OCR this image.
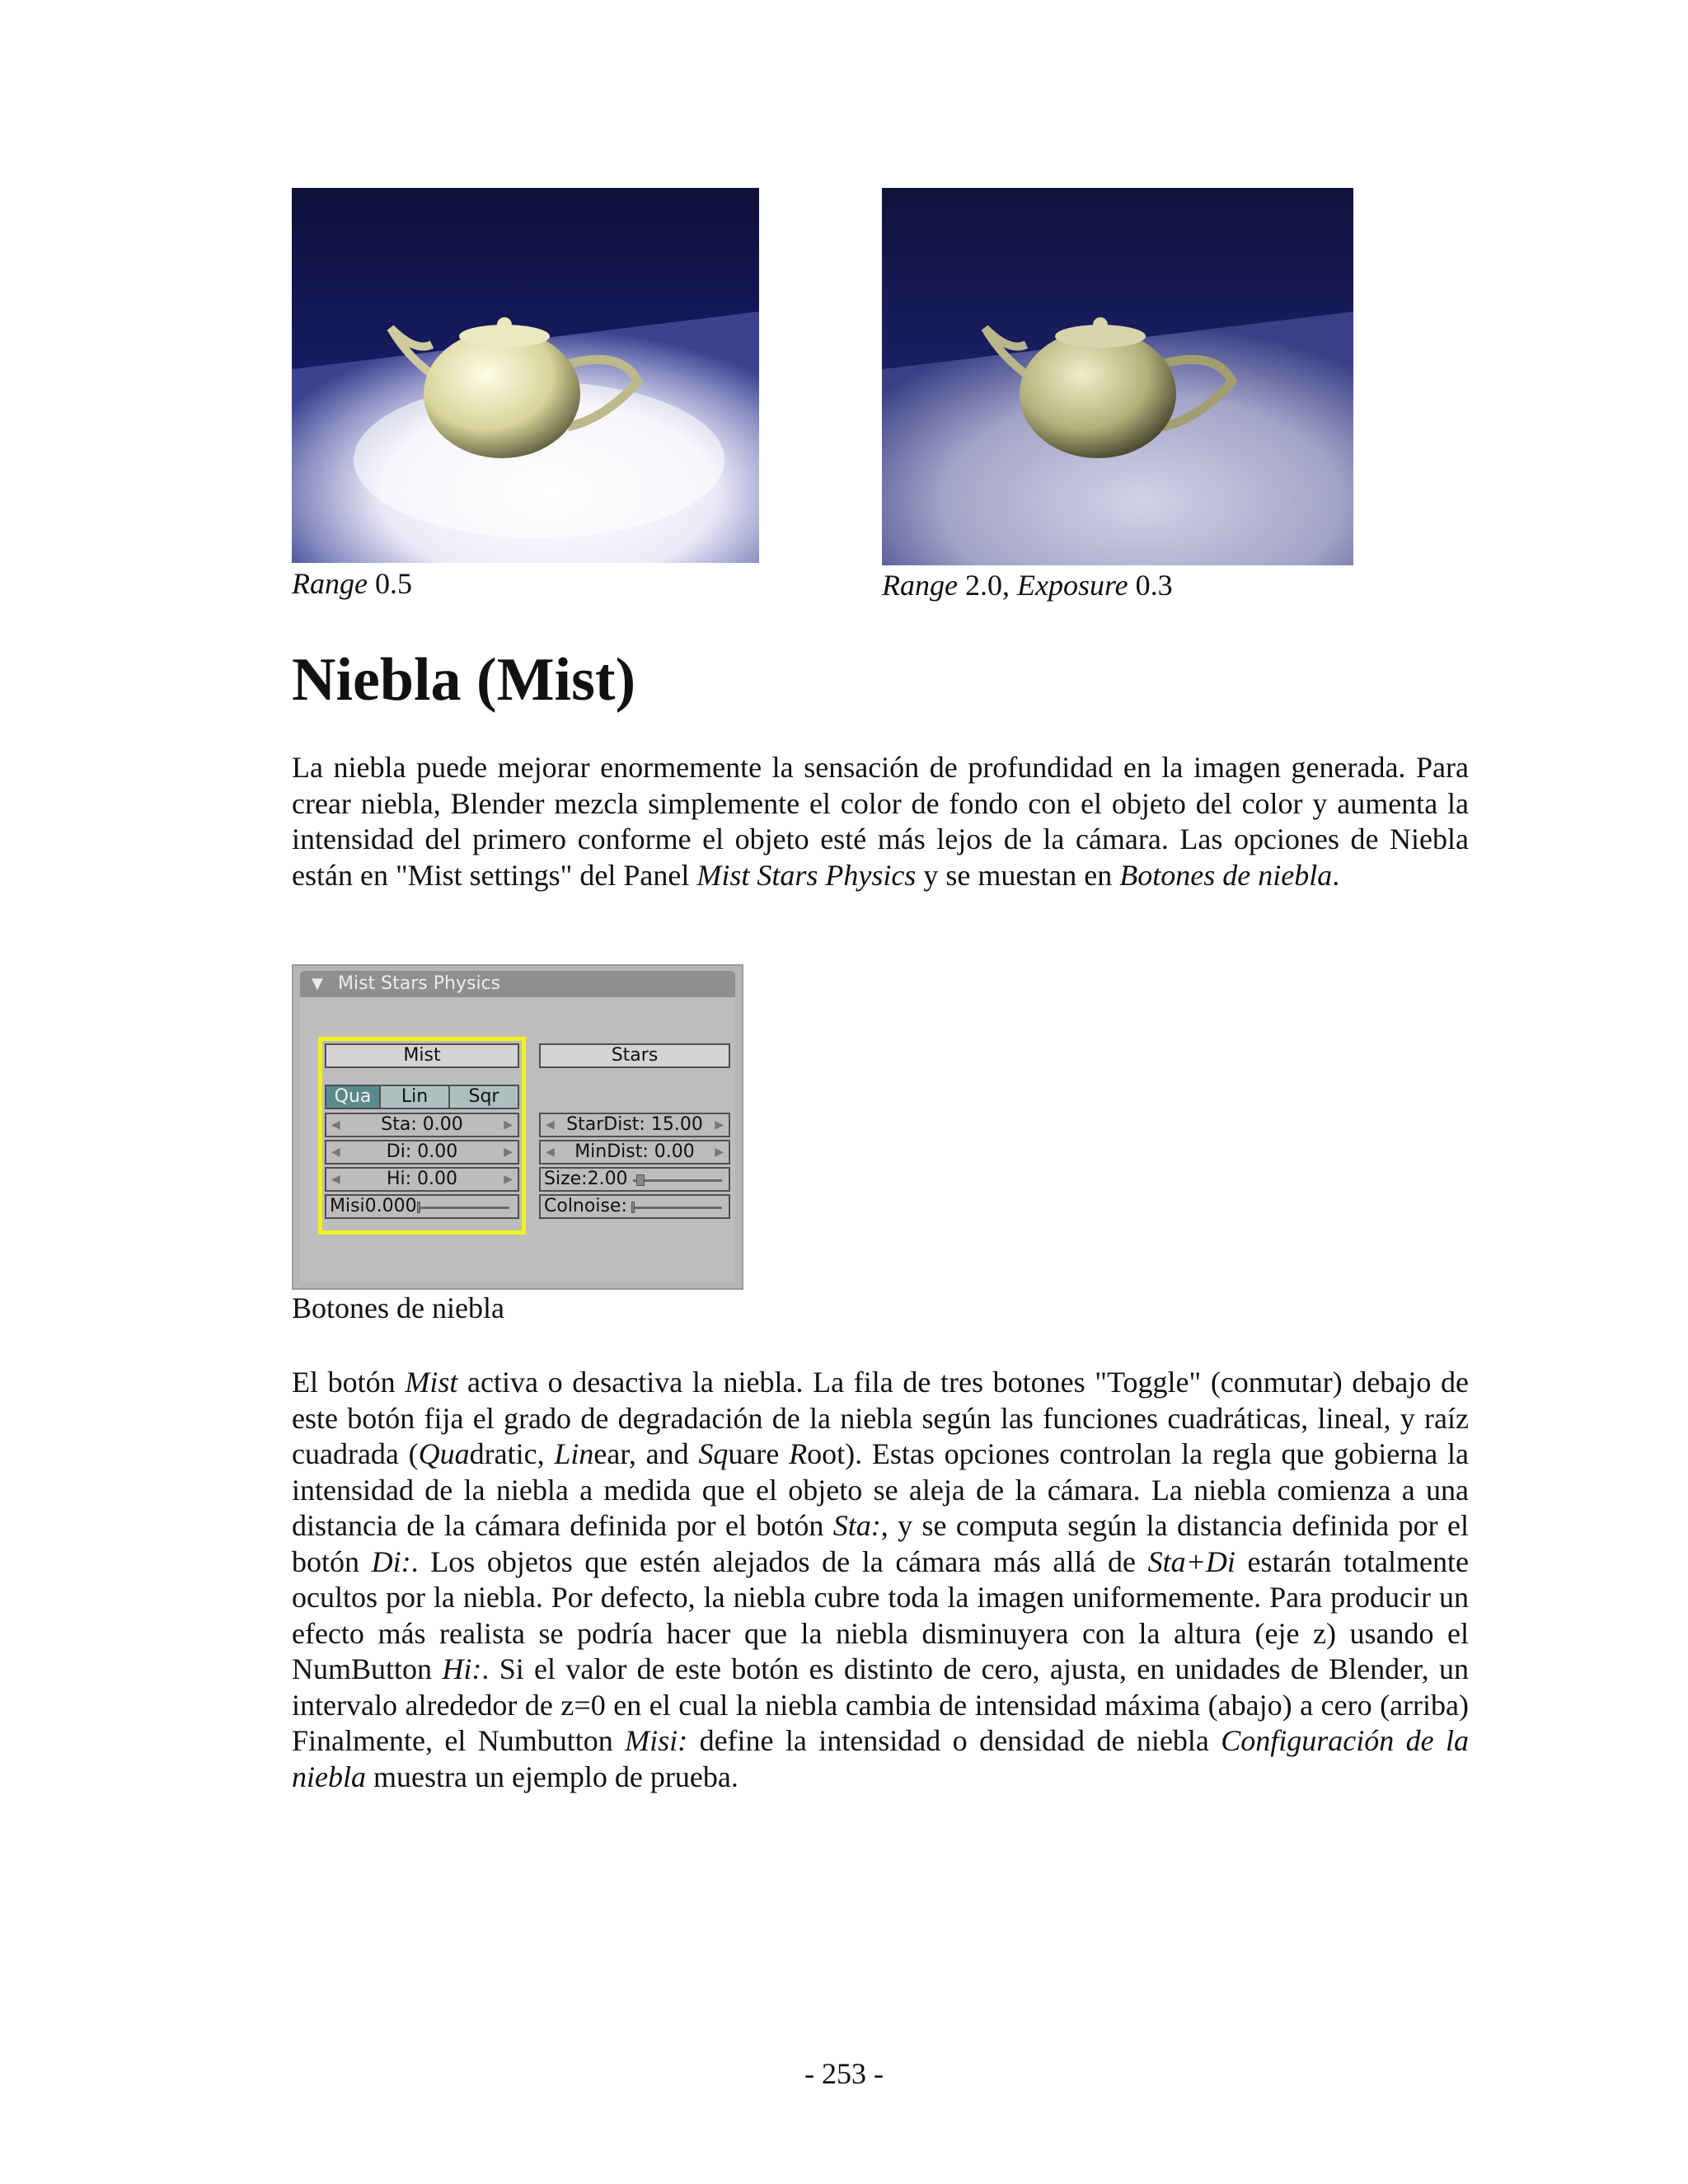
Range 0.5	Range 2.0, Exposure 0.3
Niebla (Mist)

La niebla puede mejorar enormemente la sensación de profundidad en la imagen generada. Para crear niebla, Blender mezcla simplemente el color de fondo con el objeto del color y aumenta la intensidad del primero conforme el objeto esté más lejos de la cámara. Las opciones de Niebla están en "Mist settings" del Panel Mist Stars Physics y se muestan en Botones de niebla.

▼ Mist Stars Physics
Mist	Stars
Qua	Lin	Sqr
◀ Sta: 0.00	▶
◀	Di: 0.00	▶
◀	Hi: 0.00	▶
Misi0.000
◀ StarDist: 15.00 ▶
◀ MinDist: 0.00 ▶
Size:2.00
Colnoise:
Botones de niebla

El botón Mist activa o desactiva la niebla. La fila de tres botones "Toggle" (conmutar) debajo de este botón fija el grado de degradación de la niebla según las funciones cuadráticas, lineal, y raíz cuadrada (Quadratic, Linear, and Square Root). Estas opciones controlan la regla que gobierna la intensidad de la niebla a medida que el objeto se aleja de la cámara. La niebla comienza a una distancia de la cámara definida por el botón Sta:, y se computa según la distancia definida por el botón Di:. Los objetos que estén alejados de la cámara más allá de Sta+Di estarán totalmente ocultos por la niebla. Por defecto, la niebla cubre toda la imagen uniformemente. Para producir un efecto más realista se podría hacer que la niebla disminuyera con la altura (eje z) usando el NumButton Hi:. Si el valor de este botón es distinto de cero, ajusta, en unidades de Blender, un intervalo alrededor de z=0 en el cual la niebla cambia de intensidad máxima (abajo) a cero (arriba) Finalmente, el Numbutton Misi: define la intensidad o densidad de niebla Configuración de la niebla muestra un ejemplo de prueba.

- 253 -
